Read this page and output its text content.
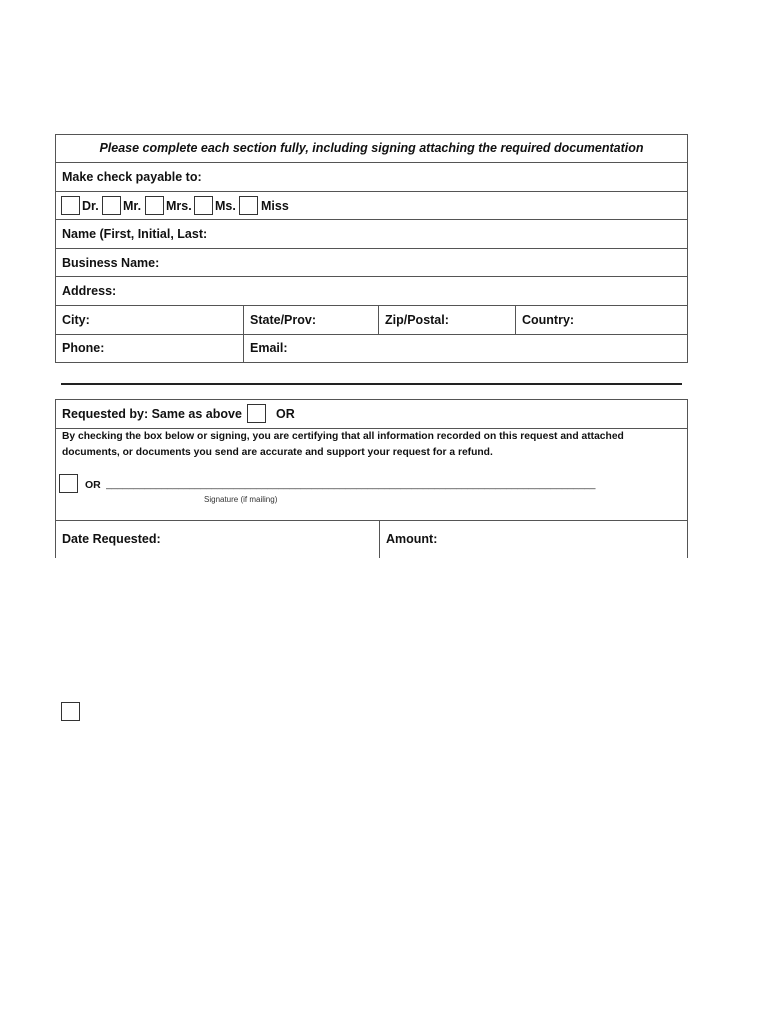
Please complete each section fully, including signing attaching the required documentation
Make check payable to:
Dr. Mr. Mrs. Ms. Miss
Name (First, Initial, Last:
Business Name:
Address:
City:	State/Prov:	Zip/Postal:	Country:
Phone:	Email:
Requested by: Same as above	OR
By checking the box below or signing, you are certifying that all information recorded on this request and attached
documents, or documents you send are accurate and support your request for a refund.
OR ________________________________________________________________________________________
Signature (if mailing)
Date Requested:	Amount:
